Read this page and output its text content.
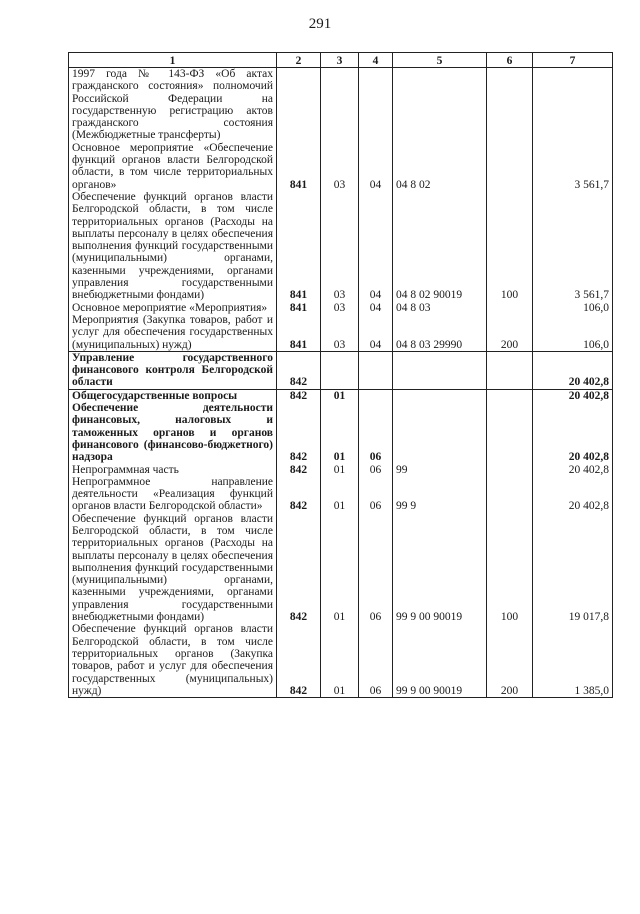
291
1	2	3	4	5	6	7
1997 года № 143-ФЗ «Об актах гражданского состояния» полномочий Российской Федерации на государственную регистрацию актов гражданского состояния (Межбюджетные трансферты)						
Основное мероприятие «Обеспечение функций органов власти Белгородской области, в том числе территориальных органов»	841	03	04	04 8 02		3 561,7
Обеспечение функций органов власти Белгородской области, в том числе территориальных органов (Расходы на выплаты персоналу в целях обеспечения выполнения функций государственными (муниципальными) органами, казенными учреждениями, органами управления государственными внебюджетными фондами)	841	03	04	04 8 02 90019	100	3 561,7
Основное мероприятие «Мероприятия»	841	03	04	04 8 03		106,0
Мероприятия (Закупка товаров, работ и услуг для обеспечения государственных (муниципальных) нужд)	841	03	04	04 8 03 29990	200	106,0
Управление государственного финансового контроля Белгородской области	842					20 402,8
Общегосударственные вопросы	842	01				20 402,8
Обеспечение деятельности финансовых, налоговых и таможенных органов и органов финансового (финансово-бюджетного) надзора	842	01	06			20 402,8
Непрограммная часть	842	01	06	99		20 402,8
Непрограммное направление деятельности «Реализация функций органов власти Белгородской области»	842	01	06	99 9		20 402,8
Обеспечение функций органов власти Белгородской области, в том числе территориальных органов (Расходы на выплаты персоналу в целях обеспечения выполнения функций государственными (муниципальными) органами, казенными учреждениями, органами управления государственными внебюджетными фондами)	842	01	06	99 9 00 90019	100	19 017,8
Обеспечение функций органов власти Белгородской области, в том числе территориальных органов (Закупка товаров, работ и услуг для обеспечения государственных (муниципальных) нужд)	842	01	06	99 9 00 90019	200	1 385,0
